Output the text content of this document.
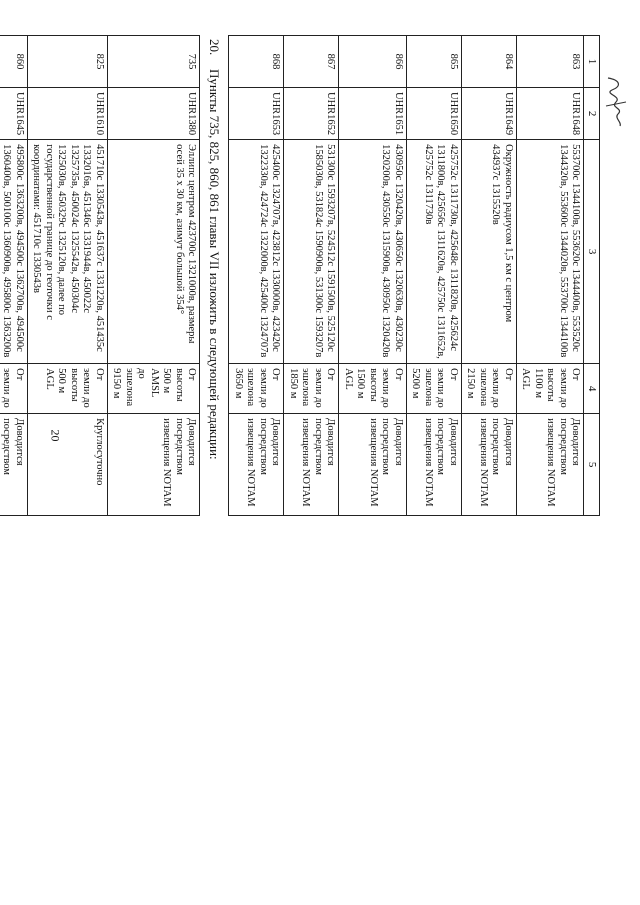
20
1	2	3	4	5
863	UHR1648	553700с 1344100в, 553620с 1344400в, 553520с 1344320в, 553600с 1344020в, 553700с 1344100в	От земли до высоты 1100 м AGL	Доводится посредством извещения NOTAM
864	UHR1649	Окружность радиусом 1,5 км с центром 434937с 1315520в	От земли до эшелона 2150 м	Доводится посредством извещения NOTAM
865	UHR1650	425752с 1311730в, 425648с 1311820в, 425624с 1311800в, 425656с 1311620в, 425750с 1311652в, 425752с 1311730в	От земли до эшелона 5200 м	Доводится посредством извещения NOTAM
866	UHR1651	430950с 1320420в, 430650с 1320630в, 430230с 1320200в, 430550с 1315900в, 430950с 1320420в	От земли до высоты 1500 м AGL	Доводится посредством извещения NOTAM
867	UHR1652	531300с 1593207в, 524512с 1591500в, 525120с 1585030в, 531824с 1590900в, 531300с 1593207в	От земли до эшелона 1850 м	Доводится посредством извещения NOTAM
868	UHR1653	425400с 1324707в, 423812с 1330000в, 423420с 1322330в, 424724с 1322000в, 425400с 1324707в	От земли до эшелона 3650 м	Доводится посредством извещения NOTAM
20.Пункты 735, 825, 860, 861 главы VII изложить в следующей редакции:
735	UHR1380	Эллипс центром 423700с 1321000в, размеры осей 35 х 30 км, азимут большой 354°	От высоты 500 м AMSL до эшелона 9150 м	Доводится посредством извещения NOTAM
825	UHR1610	451710с 1330543в, 451637с 1331220в, 451435с 1332016в, 451346с 1331944в, 450022с 1325735в, 450024с 1325542в, 450304с 1325030в, 450329с 1325120в, далее по государственной границе до геоточки с координатами: 451710с 1330543в	От земли до высоты 500 м AGL	Круглосуточно
860	UHR1645	495800с 1363200в, 494500с 1362700в, 494500с 1360400в, 500100с 1360900в, 495800с 1363200в	От земли до	Доводится посредством
